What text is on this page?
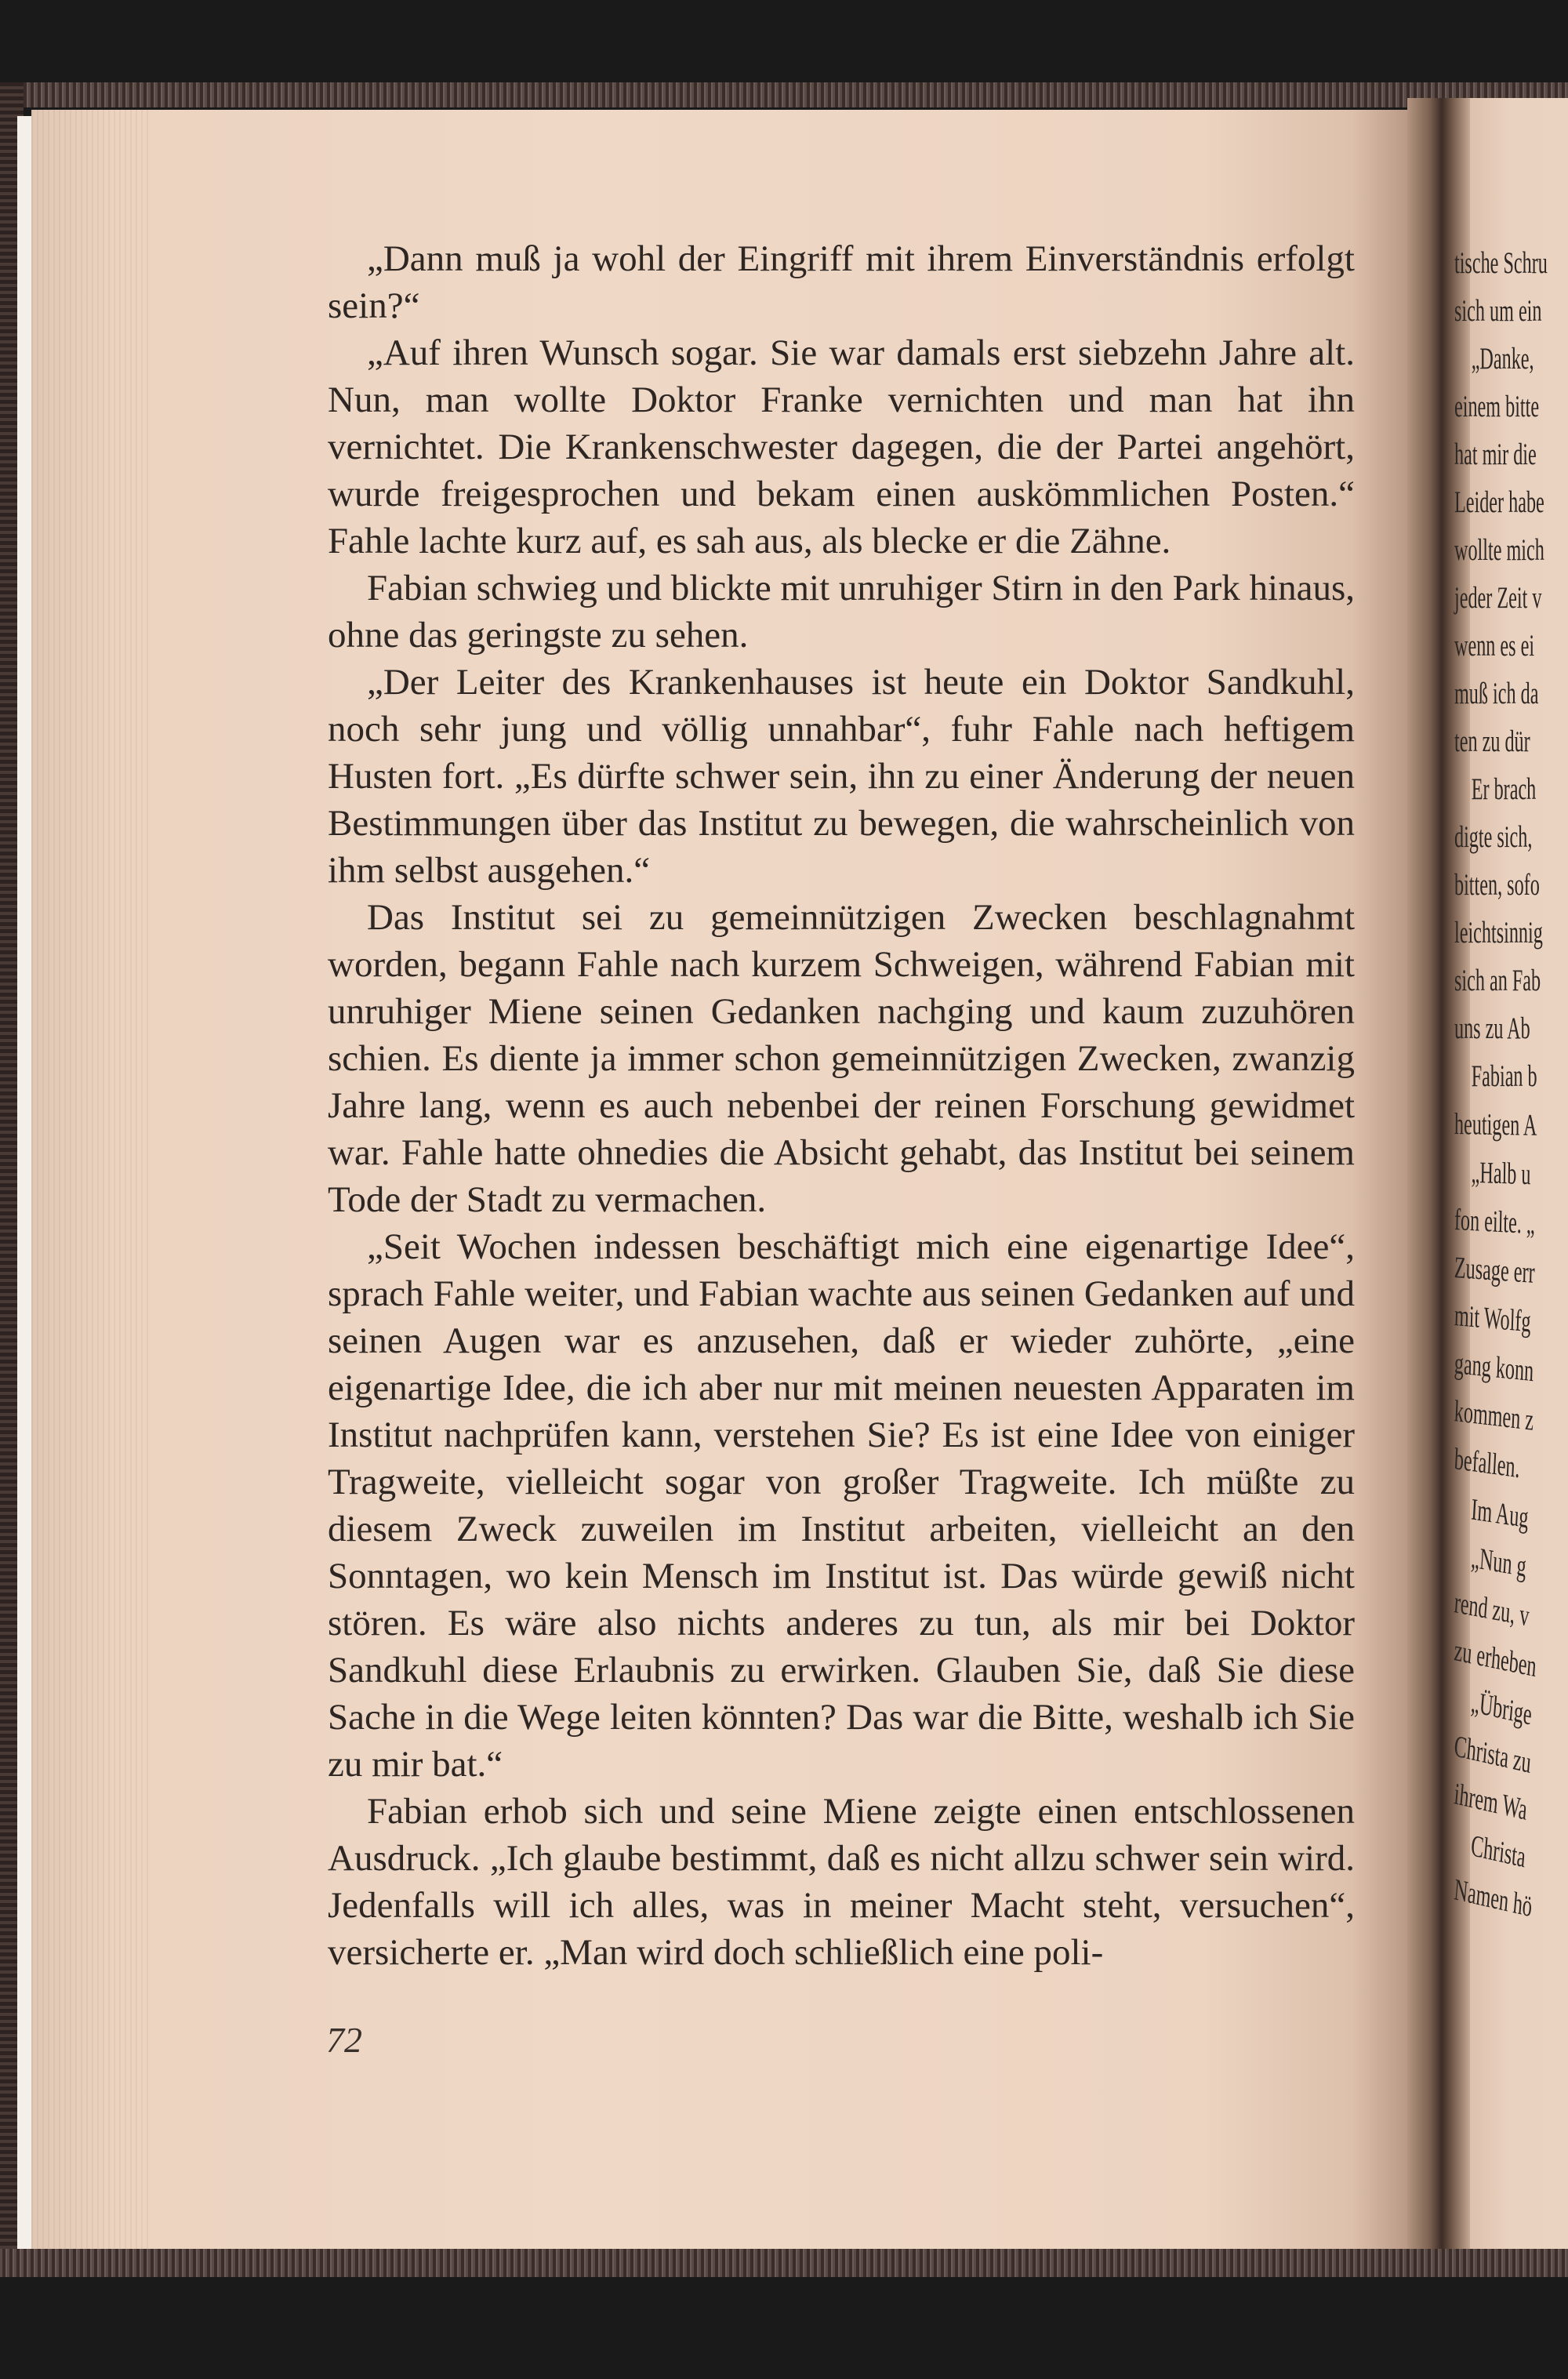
„Dann muß ja wohl der Eingriff mit ihrem Einverständnis erfolgt sein?“

„Auf ihren Wunsch sogar. Sie war damals erst siebzehn Jahre alt. Nun, man wollte Doktor Franke vernichten und man hat ihn vernichtet. Die Krankenschwester dagegen, die der Partei angehört, wurde freigesprochen und bekam einen auskömmlichen Posten.“ Fahle lachte kurz auf, es sah aus, als blecke er die Zähne.

Fabian schwieg und blickte mit unruhiger Stirn in den Park hinaus, ohne das geringste zu sehen.

„Der Leiter des Krankenhauses ist heute ein Doktor Sandkuhl, noch sehr jung und völlig unnahbar“, fuhr Fahle nach heftigem Husten fort. „Es dürfte schwer sein, ihn zu einer Änderung der neuen Bestimmungen über das Institut zu bewegen, die wahrscheinlich von ihm selbst ausgehen.“

Das Institut sei zu gemeinnützigen Zwecken beschlagnahmt worden, begann Fahle nach kurzem Schweigen, während Fabian mit unruhiger Miene seinen Gedanken nachging und kaum zuzuhören schien. Es diente ja immer schon gemeinnützigen Zwecken, zwanzig Jahre lang, wenn es auch nebenbei der reinen Forschung gewidmet war. Fahle hatte ohnedies die Absicht gehabt, das Institut bei seinem Tode der Stadt zu vermachen.

„Seit Wochen indessen beschäftigt mich eine eigenartige Idee“, sprach Fahle weiter, und Fabian wachte aus seinen Gedanken auf und seinen Augen war es anzusehen, daß er wieder zuhörte, „eine eigenartige Idee, die ich aber nur mit meinen neuesten Apparaten im Institut nachprüfen kann, verstehen Sie? Es ist eine Idee von einiger Tragweite, vielleicht sogar von großer Tragweite. Ich müßte zu diesem Zweck zuweilen im Institut arbeiten, vielleicht an den Sonntagen, wo kein Mensch im Institut ist. Das würde gewiß nicht stören. Es wäre also nichts anderes zu tun, als mir bei Doktor Sandkuhl diese Erlaubnis zu erwirken. Glauben Sie, daß Sie diese Sache in die Wege leiten könnten? Das war die Bitte, weshalb ich Sie zu mir bat.“

Fabian erhob sich und seine Miene zeigte einen entschlossenen Ausdruck. „Ich glaube bestimmt, daß es nicht allzu schwer sein wird. Jedenfalls will ich alles, was in meiner Macht steht, versuchen“, versicherte er. „Man wird doch schließlich eine poli-

72
tische Schru
sich um ein
„Danke,
einem bitte
hat mir die
Leider habe
wollte mich
jeder Zeit v
wenn es ei
muß ich da
ten zu dür
Er brach
digte sich,
bitten, sofo
leichtsinnig
sich an Fab
uns zu Ab
Fabian b
heutigen A
„Halb u
fon eilte. „
Zusage err
mit Wolfg
gang konn
kommen z
befallen.
Im Aug
„Nun g
rend zu, v
zu erheben
„Übrige
Christa zu
ihrem Wa
Christa
Namen hö
